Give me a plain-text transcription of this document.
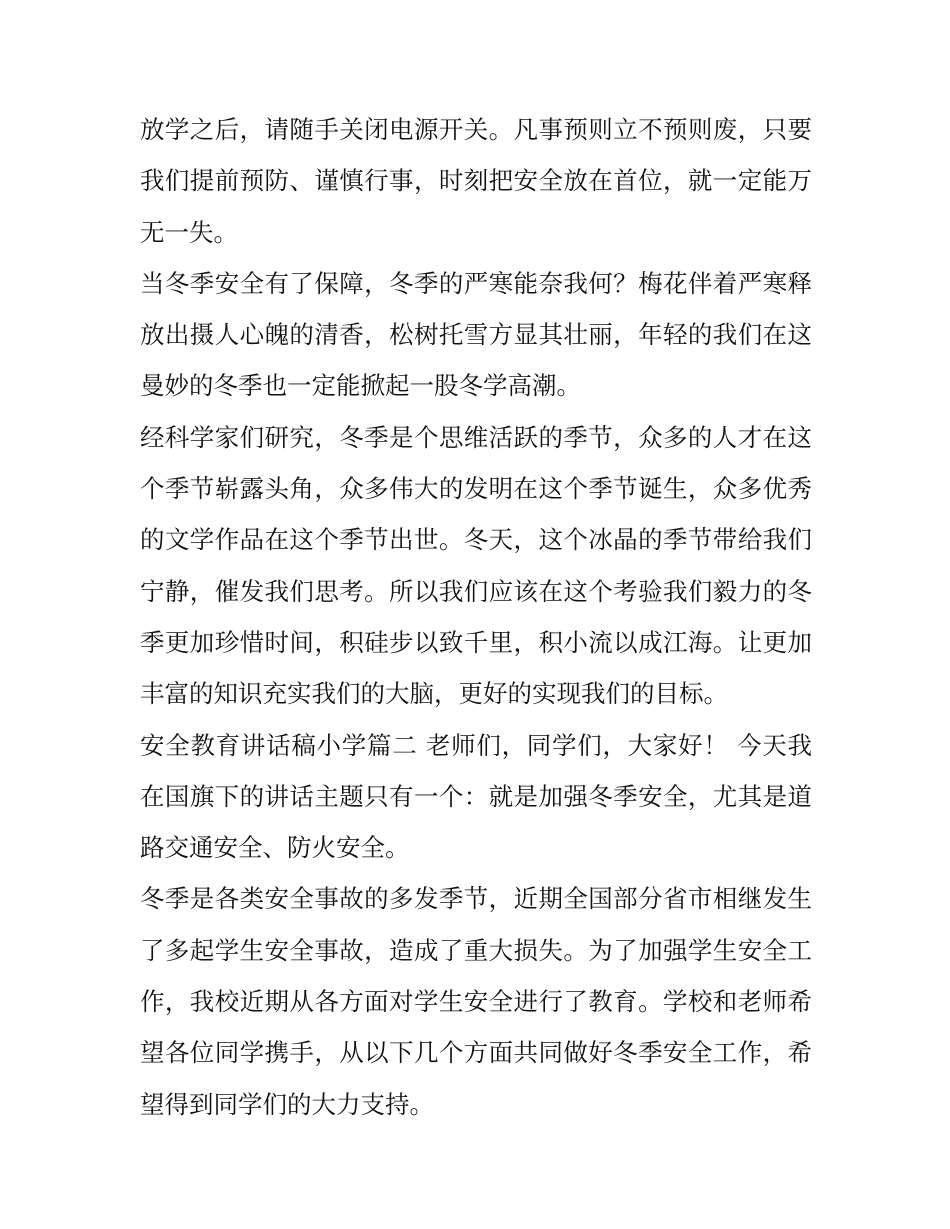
放学之后，请随手关闭电源开关。凡事预则立不预则废，只要我们提前预防、谨慎行事，时刻把安全放在首位，就一定能万无一失。

当冬季安全有了保障，冬季的严寒能奈我何？梅花伴着严寒释放出摄人心魄的清香，松树托雪方显其壮丽，年轻的我们在这曼妙的冬季也一定能掀起一股冬学高潮。

经科学家们研究，冬季是个思维活跃的季节，众多的人才在这个季节崭露头角，众多伟大的发明在这个季节诞生，众多优秀的文学作品在这个季节出世。冬天，这个冰晶的季节带给我们宁静，催发我们思考。所以我们应该在这个考验我们毅力的冬季更加珍惜时间，积硅步以致千里，积小流以成江海。让更加丰富的知识充实我们的大脑，更好的实现我们的目标。

安全教育讲话稿小学篇二 老师们，同学们，大家好！ 今天我在国旗下的讲话主题只有一个：就是加强冬季安全，尤其是道路交通安全、防火安全。

冬季是各类安全事故的多发季节，近期全国部分省市相继发生了多起学生安全事故，造成了重大损失。为了加强学生安全工作，我校近期从各方面对学生安全进行了教育。学校和老师希望各位同学携手，从以下几个方面共同做好冬季安全工作，希望得到同学们的大力支持。
